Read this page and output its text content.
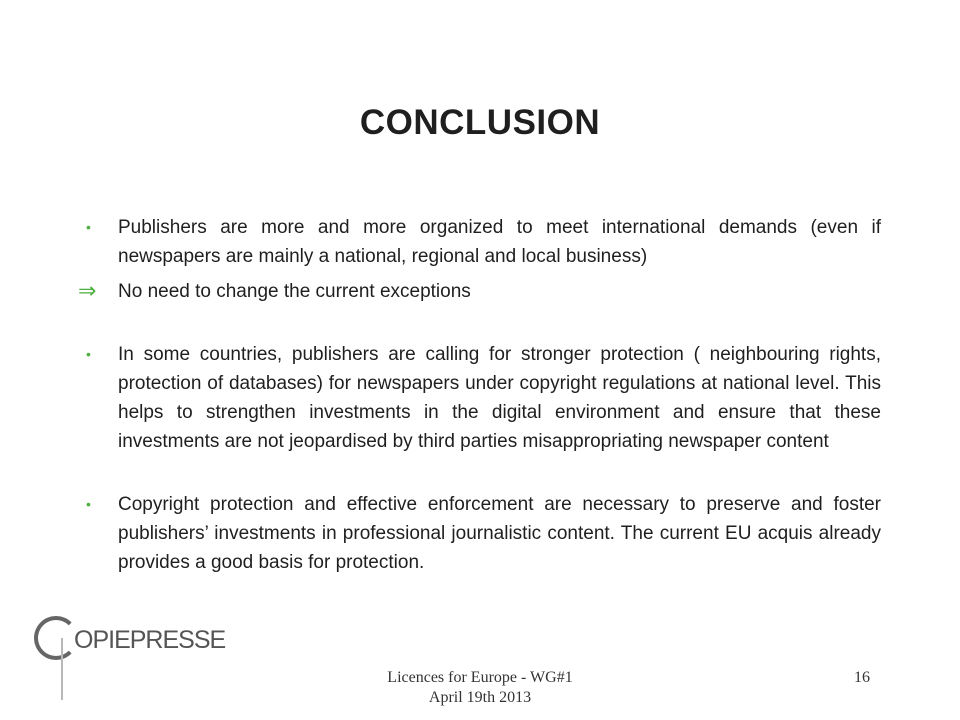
CONCLUSION
• Publishers are more and more organized to meet international demands (even if newspapers are mainly a national, regional and local business)
⇒ No need to change the current exceptions
• In some countries, publishers are calling for stronger protection ( neighbouring rights, protection of databases) for newspapers under copyright regulations at national level. This helps to strengthen investments in the digital environment and ensure that these investments are not jeopardised by third parties misappropriating newspaper content
• Copyright protection and effective enforcement are necessary to preserve and foster publishers’ investments in professional journalistic content. The current EU acquis already provides a good basis for protection.
OPIEPRESSE
Licences for Europe - WG#1
April 19th 2013
16
